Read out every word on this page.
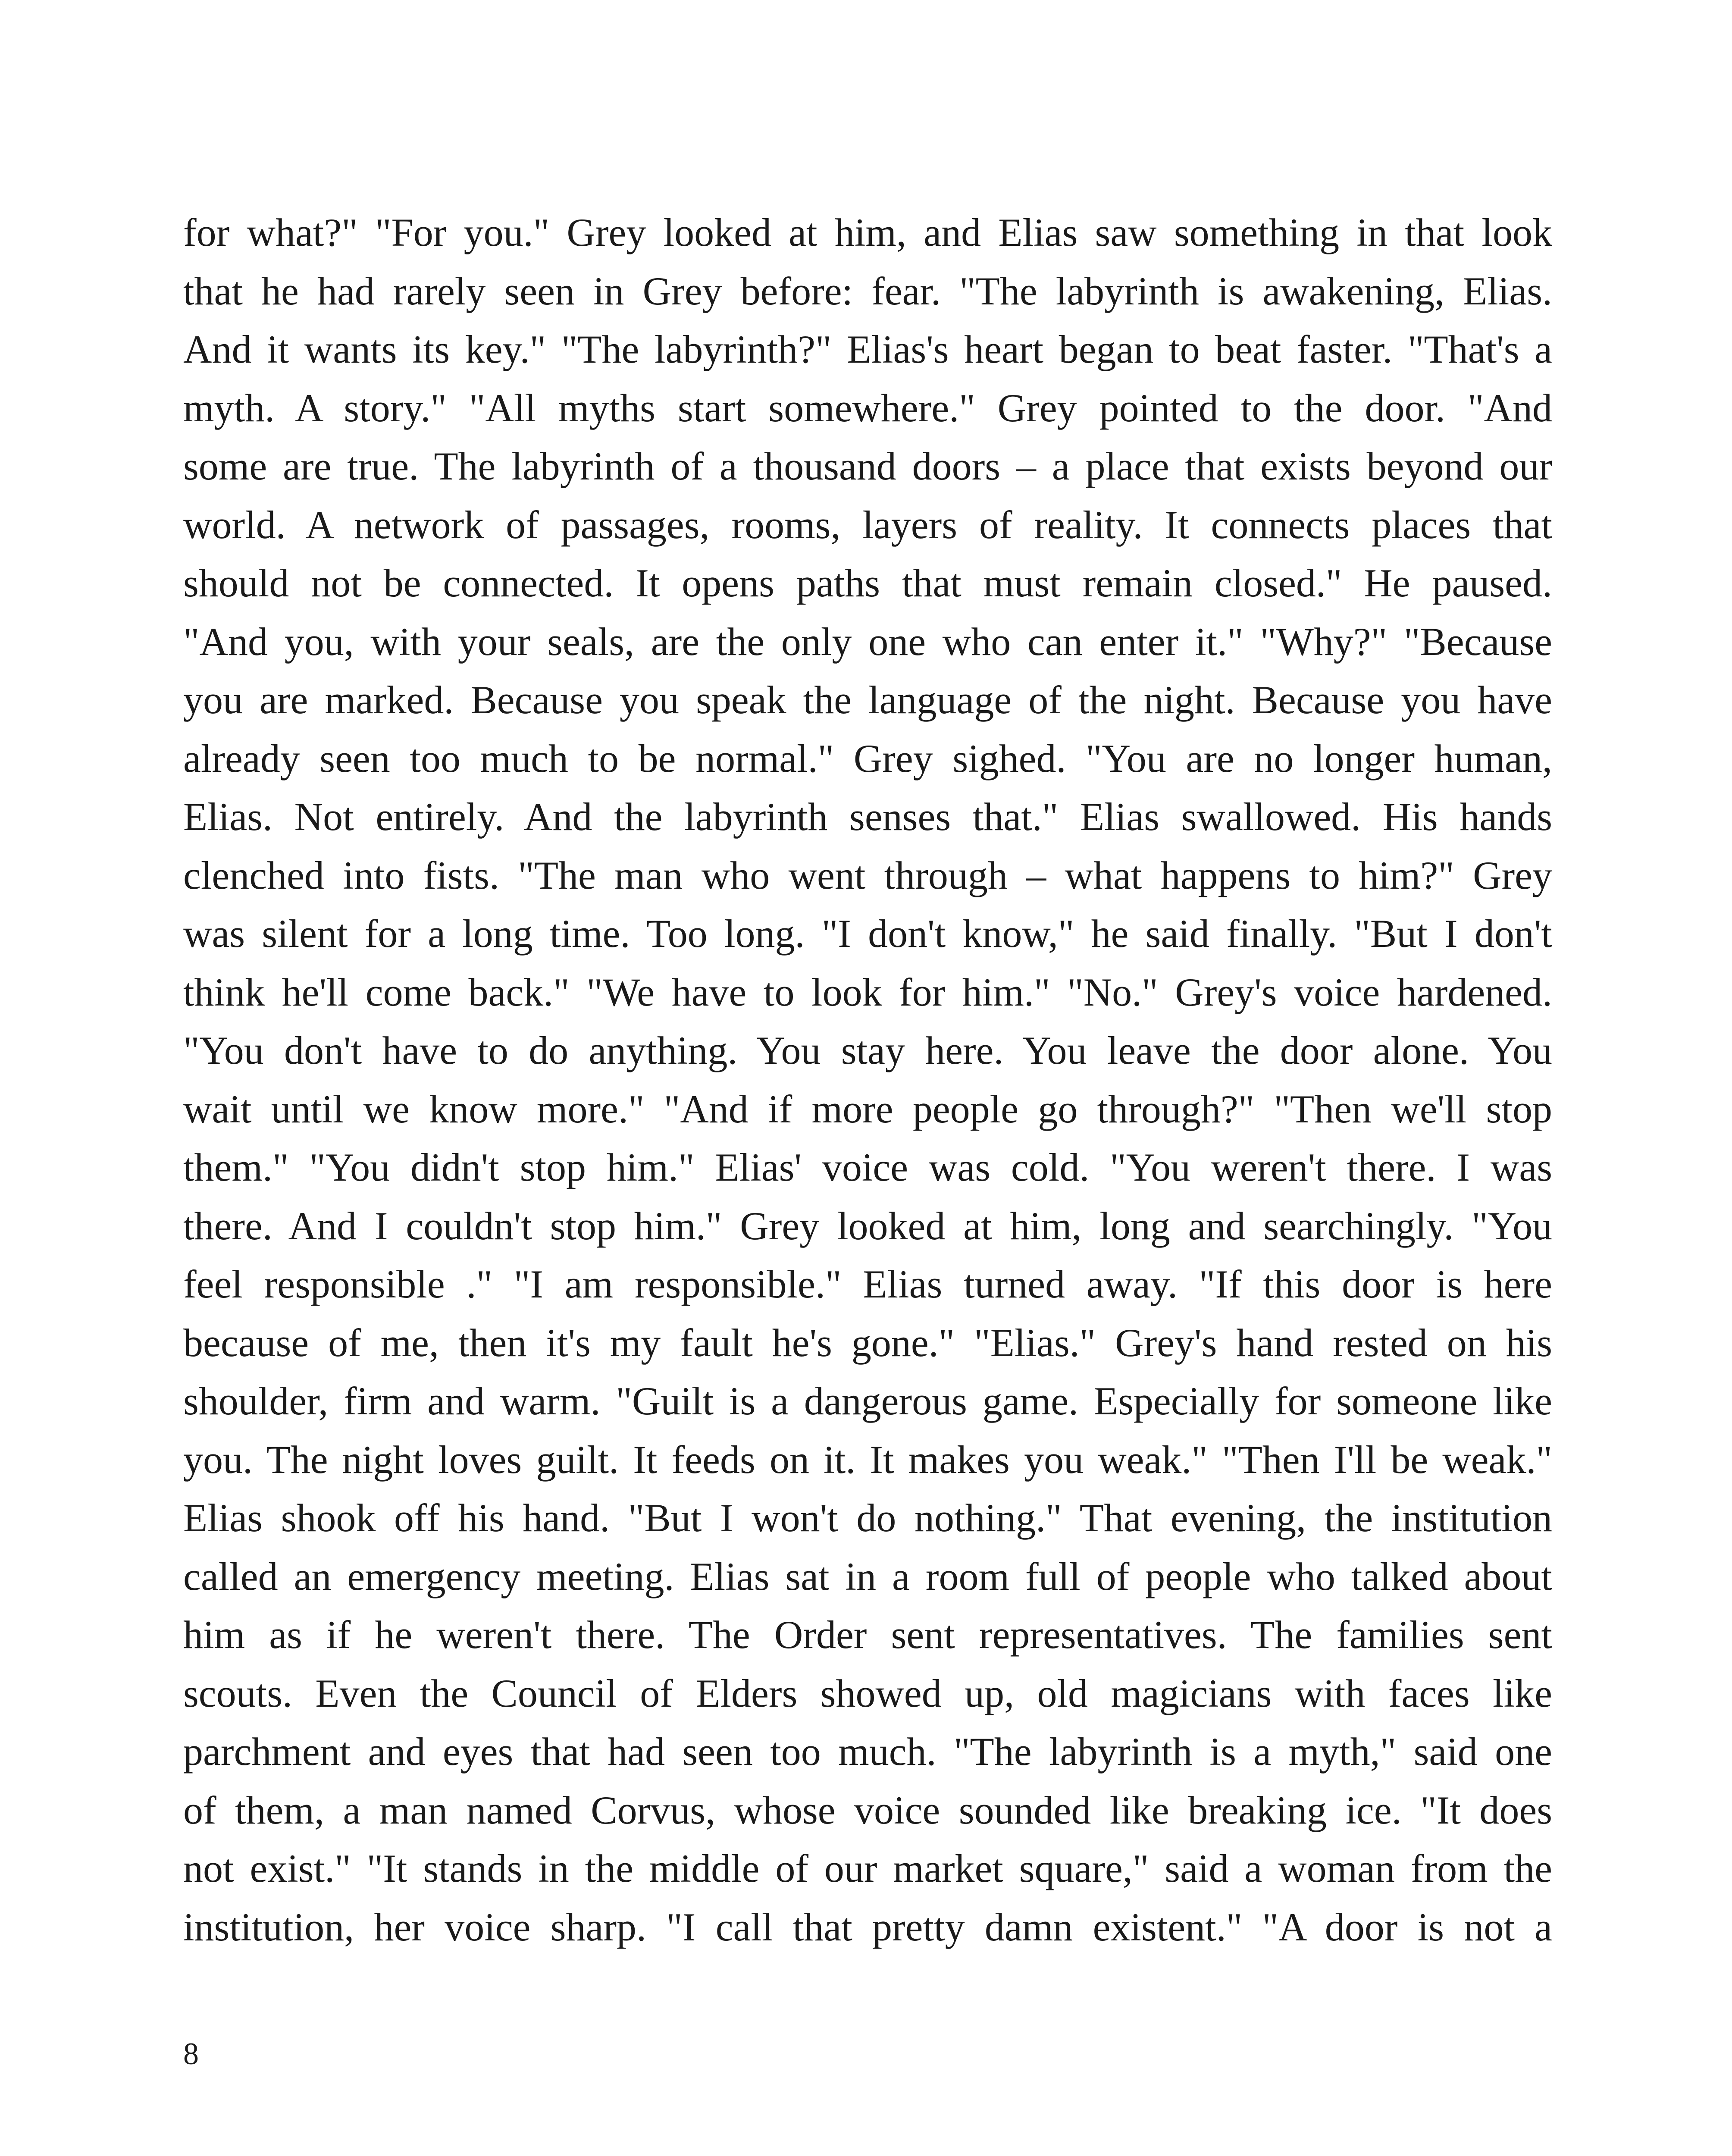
for what?" "For you." Grey looked at him, and Elias saw something in that look
that he had rarely seen in Grey before: fear. "The labyrinth is awakening, Elias.
And it wants its key." "The labyrinth?" Elias's heart began to beat faster. "That's a
myth. A story." "All myths start somewhere." Grey pointed to the door. "And
some are true. The labyrinth of a thousand doors – a place that exists beyond our
world. A network of passages, rooms, layers of reality. It connects places that
should not be connected. It opens paths that must remain closed." He paused.
"And you, with your seals, are the only one who can enter it." "Why?" "Because
you are marked. Because you speak the language of the night. Because you have
already seen too much to be normal." Grey sighed. "You are no longer human,
Elias. Not entirely. And the labyrinth senses that." Elias swallowed. His hands
clenched into fists. "The man who went through – what happens to him?" Grey
was silent for a long time. Too long. "I don't know," he said finally. "But I don't
think he'll come back." "We have to look for him." "No." Grey's voice hardened.
"You don't have to do anything. You stay here. You leave the door alone. You
wait until we know more." "And if more people go through?" "Then we'll stop
them." "You didn't stop him." Elias' voice was cold. "You weren't there. I was
there. And I couldn't stop him." Grey looked at him, long and searchingly. "You
feel responsible ." "I am responsible." Elias turned away. "If this door is here
because of me, then it's my fault he's gone." "Elias." Grey's hand rested on his
shoulder, firm and warm. "Guilt is a dangerous game. Especially for someone like
you. The night loves guilt. It feeds on it. It makes you weak." "Then I'll be weak."
Elias shook off his hand. "But I won't do nothing." That evening, the institution
called an emergency meeting. Elias sat in a room full of people who talked about
him as if he weren't there. The Order sent representatives. The families sent
scouts. Even the Council of Elders showed up, old magicians with faces like
parchment and eyes that had seen too much. "The labyrinth is a myth," said one
of them, a man named Corvus, whose voice sounded like breaking ice. "It does
not exist." "It stands in the middle of our market square," said a woman from the
institution, her voice sharp. "I call that pretty damn existent." "A door is not a
8
